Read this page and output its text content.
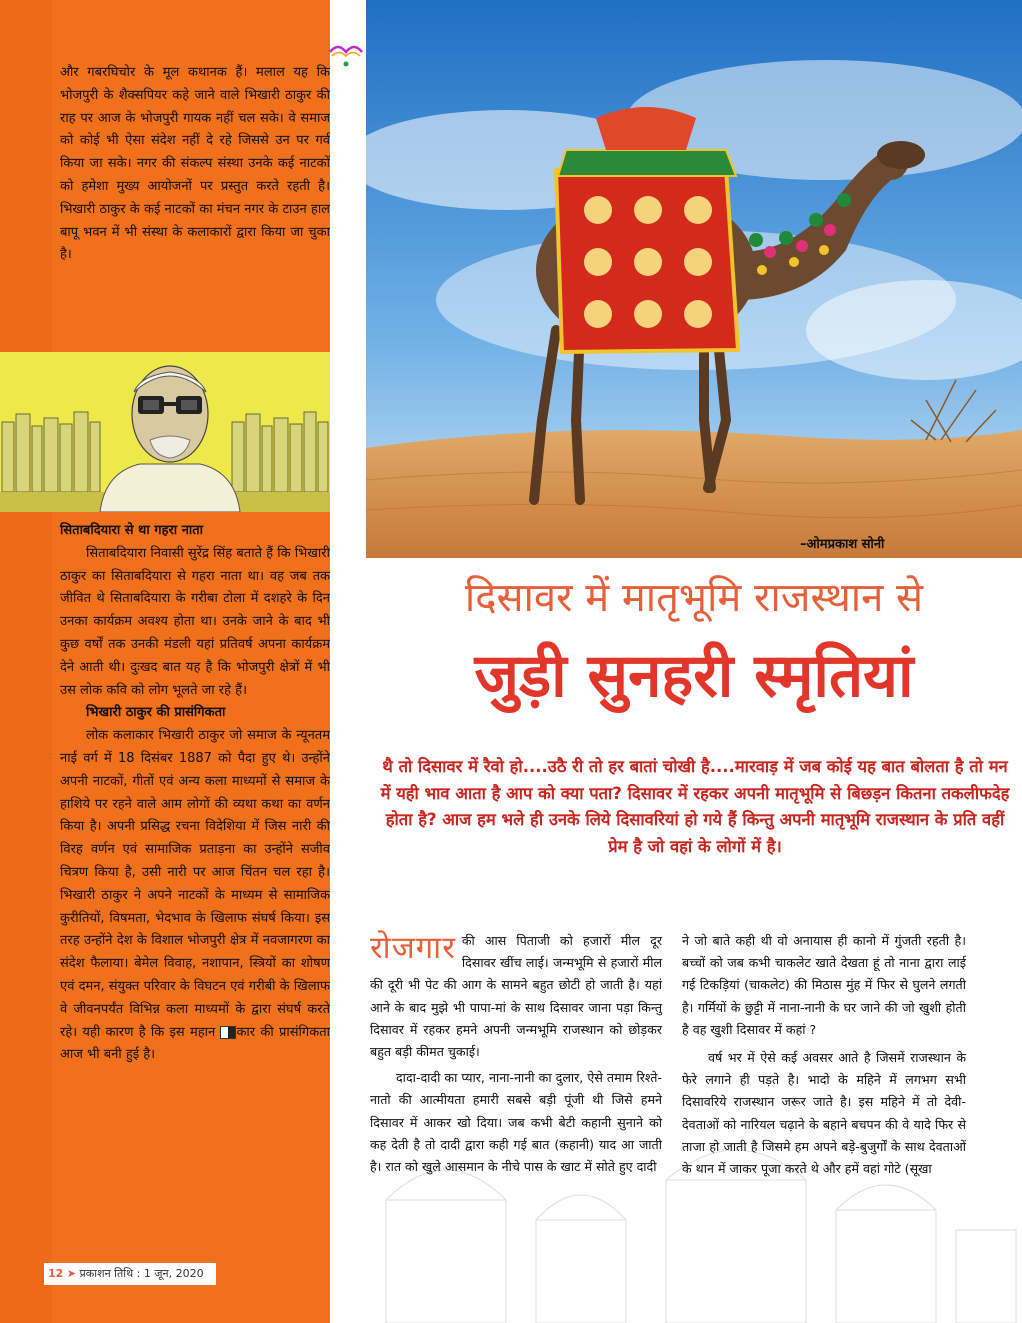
और गबरघिचोर के मूल कथानक हैं। मलाल यह कि भोजपुरी के शैक्सपियर कहे जाने वाले भिखारी ठाकुर की राह पर आज के भोजपुरी गायक नहीं चल सके। वे समाज को कोई भी ऐसा संदेश नहीं दे रहे जिससे उन पर गर्व किया जा सके। नगर की संकल्प संस्था उनके कई नाटकों को हमेशा मुख्य आयोजनों पर प्रस्तुत करते रहती है। भिखारी ठाकुर के कई नाटकों का मंचन नगर के टाउन हाल बापू भवन में भी संस्था के कलाकारों द्वारा किया जा चुका है।
सिताबदियारा से था गहरा नाता
सिताबदियारा निवासी सुरेंद्र सिंह बताते हैं कि भिखारी ठाकुर का सिताबदियारा से गहरा नाता था। वह जब तक जीवित थे सिताबदियारा के गरीबा टोला में दशहरे के दिन उनका कार्यक्रम अवश्य होता था। उनके जाने के बाद भी कुछ वर्षों तक उनकी मंडली यहां प्रतिवर्ष अपना कार्यक्रम देने आती थी। दुःखद बात यह है कि भोजपुरी क्षेत्रों में भी उस लोक कवि को लोग भूलते जा रहे हैं।
भिखारी ठाकुर की प्रासंगिकता
लोक कलाकार भिखारी ठाकुर जो समाज के न्यूनतम नाई वर्ग में 18 दिसंबर 1887 को पैदा हुए थे। उन्होंने अपनी नाटकों, गीतों एवं अन्य कला माध्यमों से समाज के हाशिये पर रहने वाले आम लोगों की व्यथा कथा का वर्णन किया है। अपनी प्रसिद्ध रचना विदेशिया में जिस नारी की विरह वर्णन एवं सामाजिक प्रताड़ना का उन्होंने सजीव चित्रण किया है, उसी नारी पर आज चिंतन चल रहा है। भिखारी ठाकुर ने अपने नाटकों के माध्यम से सामाजिक कुरीतियों, विषमता, भेदभाव के खिलाफ संघर्ष किया। इस तरह उन्होंने देश के विशाल भोजपुरी क्षेत्र में नवजागरण का संदेश फैलाया। बेमेल विवाह, नशापान, स्त्रियों का शोषण एवं दमन, संयुक्त परिवार के विघटन एवं गरीबी के खिलाफ वे जीवनपर्यंत विभिन्न कला माध्यमों के द्वारा संघर्ष करते रहे। यही कारण है कि इस महान कार की प्रासंगिकता आज भी बनी हुई है।
–ओमप्रकाश सोनी
दिसावर में मातृभूमि राजस्थान से
जुड़ी सुनहरी स्मृतियां
थै तो दिसावर में रैवो हो....उठै री तो हर बातां चोखी है....मारवाड़ में जब कोई यह बात बोलता है तो मन में यही भाव आता है आप को क्या पता? दिसावर में रहकर अपनी मातृभूमि से बिछड़न कितना तकलीफदेह होता है? आज हम भले ही उनके लिये दिसावरियां हो गये हैं किन्तु अपनी मातृभूमि राजस्थान के प्रति वहीं प्रेम है जो वहां के लोगों में है।
रोजगार की आस पिताजी को हजारों मील दूर दिसावर खींच लाई। जन्मभूमि से हजारों मील की दूरी भी पेट की आग के सामने बहुत छोटी हो जाती है। यहां आने के बाद मुझे भी पापा-मां के साथ दिसावर जाना पड़ा किन्तु दिसावर में रहकर हमने अपनी जन्मभूमि राजस्थान को छोड़कर बहुत बड़ी कीमत चुकाई।
दादा-दादी का प्यार, नाना-नानी का दुलार, ऐसे तमाम रिश्ते-नातो की आत्मीयता हमारी सबसे बड़ी पूंजी थी जिसे हमने दिसावर में आकर खो दिया। जब कभी बेटी कहानी सुनाने को कह देती है तो दादी द्वारा कही गई बात (कहानी) याद आ जाती है। रात को खुले आसमान के नीचे पास के खाट में सोते हुए दादी
ने जो बाते कही थी वो अनायास ही कानो में गुंजती रहती है। बच्चों को जब कभी चाकलेट खाते देखता हूं तो नाना द्वारा लाई गई टिकड़ियां (चाकलेट) की मिठास मुंह में फिर से घुलने लगती है। गर्मियों के छुट्टी में नाना-नानी के घर जाने की जो खुशी होती है वह खुशी दिसावर में कहां ?
वर्ष भर में ऐसे कई अवसर आते है जिसमें राजस्थान के फेरे लगाने ही पड़ते है। भादो के महिने में लगभग सभी दिसावरिये राजस्थान जरूर जाते है। इस महिने में तो देवी-देवताओं को नारियल चढ़ाने के बहाने बचपन की वे यादे फिर से ताजा हो जाती है जिसमे हम अपने बड़े-बुजुर्गों के साथ देवताओं के थान में जाकर पूजा करते थे और हमें वहां गोटे (सूखा
12 ➤ प्रकाशन तिथि : 1 जून, 2020
